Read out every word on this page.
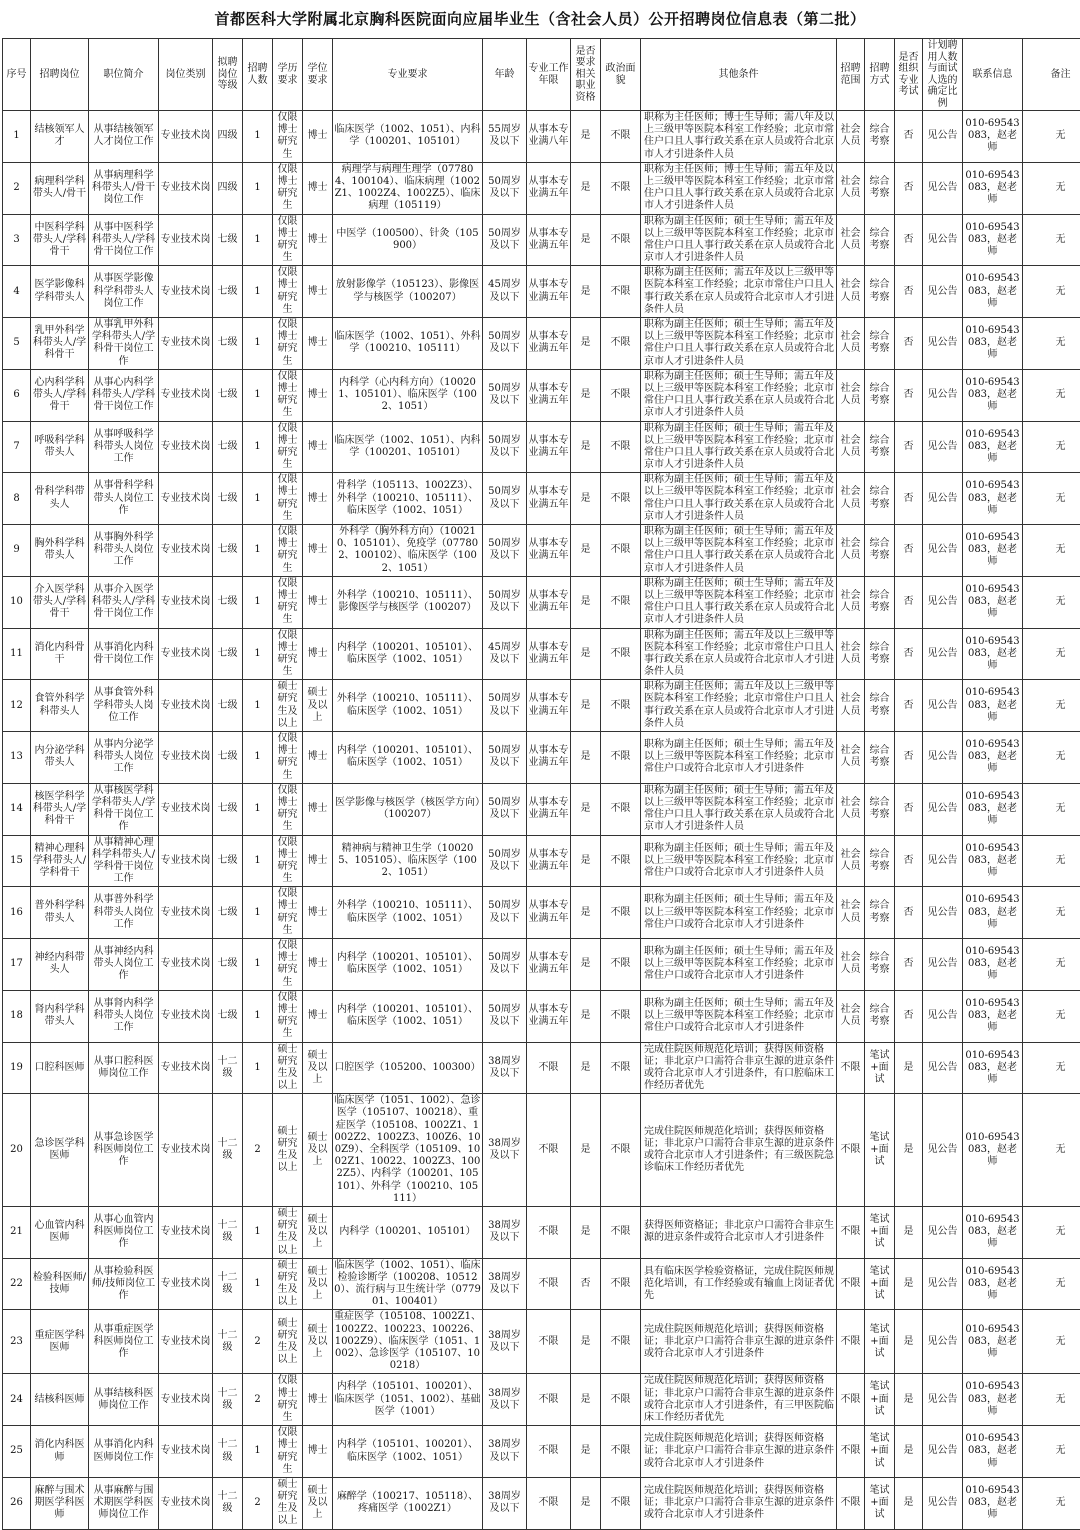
首都医科大学附属北京胸科医院面向应届毕业生（含社会人员）公开招聘岗位信息表（第二批）
序号	招聘岗位	职位简介	岗位类别	拟聘岗位等级	招聘人数	学历要求	学位要求	专业要求	年龄	专业工作年限	是否要求相关职业资格	政治面貌	其他条件	招聘范围	招聘方式	是否组织专业考试	计划聘用人数与面试人选的确定比例	联系信息	备注
1	结核领军人才	从事结核领军人才岗位工作	专业技术岗	四级	1	仅限博士研究生	博士	临床医学（1002、1051）、内科学（100201、105101）	55周岁及以下	从事本专业满八年	是	不限	职称为主任医师；博士生导师；需八年及以上三级甲等医院本科室工作经验；北京市常住户口且人事行政关系在京人员或符合北京市人才引进条件人员	社会人员	综合考察	否	见公告	010-69543083，赵老师	无
2	病理科学科带头人/骨干	从事病理科学科带头人/骨干岗位工作	专业技术岗	四级	1	仅限博士研究生	博士	病理学与病理生理学（077804、100104）、临床病理（1002Z1、1002Z4、1002Z5）、临床病理（105119）	50周岁及以下	从事本专业满五年	是	不限	职称为主任医师；博士生导师；需五年及以上三级甲等医院本科室工作经验；北京市常住户口且人事行政关系在京人员或符合北京市人才引进条件人员	社会人员	综合考察	否	见公告	010-69543083，赵老师	无
3	中医科学科带头人/学科骨干	从事中医科学科带头人/学科骨干岗位工作	专业技术岗	七级	1	仅限博士研究生	博士	中医学（100500）、针灸（105900）	50周岁及以下	从事本专业满五年	是	不限	职称为副主任医师；硕士生导师；需五年及以上三级甲等医院本科室工作经验；北京市常住户口且人事行政关系在京人员或符合北京市人才引进条件人员	社会人员	综合考察	否	见公告	010-69543083，赵老师	无
4	医学影像科学科带头人	从事医学影像科学科带头人岗位工作	专业技术岗	七级	1	仅限博士研究生	博士	放射影像学（105123）、影像医学与核医学（100207）	45周岁及以下	从事本专业满五年	是	不限	职称为副主任医师；需五年及以上三级甲等医院本科室工作经验；北京市常住户口且人事行政关系在京人员或符合北京市人才引进条件人员	社会人员	综合考察	否	见公告	010-69543083，赵老师	无
5	乳甲外科学科带头人/学科骨干	从事乳甲外科学科带头人/学科骨干岗位工作	专业技术岗	七级	1	仅限博士研究生	博士	临床医学（1002、1051）、外科学（100210、105111）	50周岁及以下	从事本专业满五年	是	不限	职称为副主任医师；硕士生导师；需五年及以上三级甲等医院本科室工作经验；北京市常住户口且人事行政关系在京人员或符合北京市人才引进条件人员	社会人员	综合考察	否	见公告	010-69543083，赵老师	无
6	心内科学科带头人/学科骨干	从事心内科学科带头人/学科骨干岗位工作	专业技术岗	七级	1	仅限博士研究生	博士	内科学（心内科方向）（100201、105101）、临床医学（1002、1051）	50周岁及以下	从事本专业满五年	是	不限	职称为副主任医师；硕士生导师；需五年及以上三级甲等医院本科室工作经验；北京市常住户口且人事行政关系在京人员或符合北京市人才引进条件人员	社会人员	综合考察	否	见公告	010-69543083，赵老师	无
7	呼吸科学科带头人	从事呼吸科学科带头人岗位工作	专业技术岗	七级	1	仅限博士研究生	博士	临床医学（1002、1051）、内科学（100201、105101）	50周岁及以下	从事本专业满五年	是	不限	职称为副主任医师；硕士生导师；需五年及以上三级甲等医院本科室工作经验；北京市常住户口且人事行政关系在京人员或符合北京市人才引进条件人员	社会人员	综合考察	否	见公告	010-69543083，赵老师	无
8	骨科学科带头人	从事骨科学科带头人岗位工作	专业技术岗	七级	1	仅限博士研究生	博士	骨科学（105113、1002Z3）、外科学（100210、105111）、临床医学（1002、1051）	50周岁及以下	从事本专业满五年	是	不限	职称为副主任医师；硕士生导师；需五年及以上三级甲等医院本科室工作经验；北京市常住户口且人事行政关系在京人员或符合北京市人才引进条件人员	社会人员	综合考察	否	见公告	010-69543083，赵老师	无
9	胸外科学科带头人	从事胸外科学科带头人岗位工作	专业技术岗	七级	1	仅限博士研究生	博士	外科学（胸外科方向）（100210、105101）、免疫学（077802、100102）、临床医学（1002、1051）	50周岁及以下	从事本专业满五年	是	不限	职称为副主任医师；硕士生导师；需五年及以上三级甲等医院本科室工作经验；北京市常住户口且人事行政关系在京人员或符合北京市人才引进条件人员	社会人员	综合考察	否	见公告	010-69543083，赵老师	无
10	介入医学科带头人/学科骨干	从事介入医学科带头人/学科骨干岗位工作	专业技术岗	七级	1	仅限博士研究生	博士	外科学（100210、105111）、影像医学与核医学（100207）	50周岁及以下	从事本专业满五年	是	不限	职称为副主任医师；硕士生导师；需五年及以上三级甲等医院本科室工作经验；北京市常住户口且人事行政关系在京人员或符合北京市人才引进条件人员	社会人员	综合考察	否	见公告	010-69543083，赵老师	无
11	消化内科骨干	从事消化内科骨干岗位工作	专业技术岗	七级	1	仅限博士研究生	博士	内科学（100201、105101）、临床医学（1002、1051）	45周岁及以下	从事本专业满五年	是	不限	职称为副主任医师；需五年及以上三级甲等医院本科室工作经验；北京市常住户口且人事行政关系在京人员或符合北京市人才引进条件人员	社会人员	综合考察	否	见公告	010-69543083，赵老师	无
12	食管外科学科带头人	从事食管外科学科带头人岗位工作	专业技术岗	七级	1	硕士研究生及以上	硕士及以上	外科学（100210、105111）、临床医学（1002、1051）	50周岁及以下	从事本专业满五年	是	不限	职称为副主任医师；需五年及以上三级甲等医院本科室工作经验；北京市常住户口且人事行政关系在京人员或符合北京市人才引进条件人员	社会人员	综合考察	否	见公告	010-69543083，赵老师	无
13	内分泌学科带头人	从事内分泌学科带头人岗位工作	专业技术岗	七级	1	仅限博士研究生	博士	内科学（100201、105101）、临床医学（1002、1051）	50周岁及以下	从事本专业满五年	是	不限	职称为副主任医师；硕士生导师；需五年及以上三级甲等医院本科室工作经验；北京市常住户口或符合北京市人才引进条件	社会人员	综合考察	否	见公告	010-69543083，赵老师	无
14	核医学科学科带头人/学科骨干	从事核医学科学科带头人/学科骨干岗位工作	专业技术岗	七级	1	仅限博士研究生	博士	医学影像与核医学（核医学方向）（100207）	50周岁及以下	从事本专业满五年	是	不限	职称为副主任医师；硕士生导师；需五年及以上三级甲等医院本科室工作经验；北京市常住户口且人事行政关系在京人员或符合北京市人才引进条件人员	社会人员	综合考察	否	见公告	010-69543083，赵老师	无
15	精神心理科学科带头人/学科骨干	从事精神心理科学科带头人/学科骨干岗位工作	专业技术岗	七级	1	仅限博士研究生	博士	精神病与精神卫生学（100205、105105）、临床医学（1002、1051）	50周岁及以下	从事本专业满五年	是	不限	职称为副主任医师；硕士生导师；需五年及以上三级甲等医院本科室工作经验；北京市常住户口或符合北京市人才引进条件人员	社会人员	综合考察	否	见公告	010-69543083，赵老师	无
16	普外科学科带头人	从事普外科学科带头人岗位工作	专业技术岗	七级	1	仅限博士研究生	博士	外科学（100210、105111）、临床医学（1002、1051）	50周岁及以下	从事本专业满五年	是	不限	职称为副主任医师；硕士生导师；需五年及以上三级甲等医院本科室工作经验；北京市常住户口或符合北京市人才引进条件	社会人员	综合考察	否	见公告	010-69543083，赵老师	无
17	神经内科带头人	从事神经内科带头人岗位工作	专业技术岗	七级	1	仅限博士研究生	博士	内科学（100201、105101）、临床医学（1002、1051）	50周岁及以下	从事本专业满五年	是	不限	职称为副主任医师；硕士生导师；需五年及以上三级甲等医院本科室工作经验；北京市常住户口或符合北京市人才引进条件	社会人员	综合考察	否	见公告	010-69543083，赵老师	无
18	肾内科学科带头人	从事肾内科学科带头人岗位工作	专业技术岗	七级	1	仅限博士研究生	博士	内科学（100201、105101）、临床医学（1002、1051）	50周岁及以下	从事本专业满五年	是	不限	职称为副主任医师；硕士生导师；需五年及以上三级甲等医院本科室工作经验；北京市常住户口或符合北京市人才引进条件	社会人员	综合考察	否	见公告	010-69543083，赵老师	无
19	口腔科医师	从事口腔科医师岗位工作	专业技术岗	十二级	1	硕士研究生及以上	硕士及以上	口腔医学（105200、100300）	38周岁及以下	不限	是	不限	完成住院医师规范化培训；获得医师资格证；非北京户口需符合非京生源的进京条件或符合北京市人才引进条件，有口腔临床工作经历者优先	不限	笔试+面试	是	见公告	010-69543083，赵老师	无
20	急诊医学科医师	从事急诊医学科医师岗位工作	专业技术岗	十二级	2	硕士研究生及以上	硕士及以上	临床医学（1051、1002）、急诊医学（105107、100218）、重症医学（105108、1002Z1、1002Z2、1002Z3、100Z6、100Z9）、全科医学（105109、1002Z1、10022、1002Z3、1002Z5）、内科学（100201、105101）、外科学（100210、105111）	38周岁及以下	不限	是	不限	完成住院医师规范化培训；获得医师资格证；非北京户口需符合非京生源的进京条件或符合北京市人才引进条件；有三级医院急诊临床工作经历者优先	不限	笔试+面试	是	见公告	010-69543083，赵老师	无
21	心血管内科医师	从事心血管内科医师岗位工作	专业技术岗	十二级	1	硕士研究生及以上	硕士及以上	内科学（100201、105101）	38周岁及以下	不限	是	不限	获得医师资格证；非北京户口需符合非京生源的进京条件或符合北京市人才引进条件	不限	笔试+面试	是	见公告	010-69543083，赵老师	无
22	检验科医师/技师	从事检验科医师/技师岗位工作	专业技术岗	十二级	1	硕士研究生及以上	硕士及以上	临床医学（1002、1051）、临床检验诊断学（100208、105120）、流行病与卫生统计学（077901、100401）	38周岁及以下	不限	否	不限	具有临床医学检验资格证，完成住院医师规范化培训，有工作经验或有输血上岗证者优先	不限	笔试+面试	是	见公告	010-69543083，赵老师	无
23	重症医学科医师	从事重症医学科医师岗位工作	专业技术岗	十二级	2	硕士研究生及以上	硕士及以上	重症医学（105108、1002Z1、1002Z2、100223、100226、1002Z9）、临床医学（1051、1002）、急诊医学（105107、100218）	38周岁及以下	不限	是	不限	完成住院医师规范化培训；获得医师资格证；非北京户口需符合非京生源的进京条件或符合北京市人才引进条件	不限	笔试+面试	是	见公告	010-69543083，赵老师	无
24	结核科医师	从事结核科医师岗位工作	专业技术岗	十二级	2	仅限博士研究生	博士	内科学（105101、100201）、临床医学（1051、1002）、基础医学（1001）	38周岁及以下	不限	是	不限	完成住院医师规范化培训；获得医师资格证；非北京户口需符合非京生源的进京条件或符合北京市人才引进条件，有三甲医院临床工作经历者优先	不限	笔试+面试	是	见公告	010-69543083，赵老师	无
25	消化内科医师	从事消化内科医师岗位工作	专业技术岗	十二级	1	仅限博士研究生	博士	内科学（105101、100201）、临床医学（1002、1051）	38周岁及以下	不限	是	不限	完成住院医师规范化培训；获得医师资格证；非北京户口需符合非京生源的进京条件或符合北京市人才引进条件	不限	笔试+面试	是	见公告	010-69543083，赵老师	无
26	麻醉与围术期医学科医师	从事麻醉与围术期医学科医师岗位工作	专业技术岗	十二级	2	硕士研究生及以上	硕士及以上	麻醉学（100217、105118）、疼痛医学（1002Z1）	38周岁及以下	不限	是	不限	完成住院医师规范化培训；获得医师资格证；非北京户口需符合非京生源的进京条件或符合北京市人才引进条件	不限	笔试+面试	是	见公告	010-69543083，赵老师	无
